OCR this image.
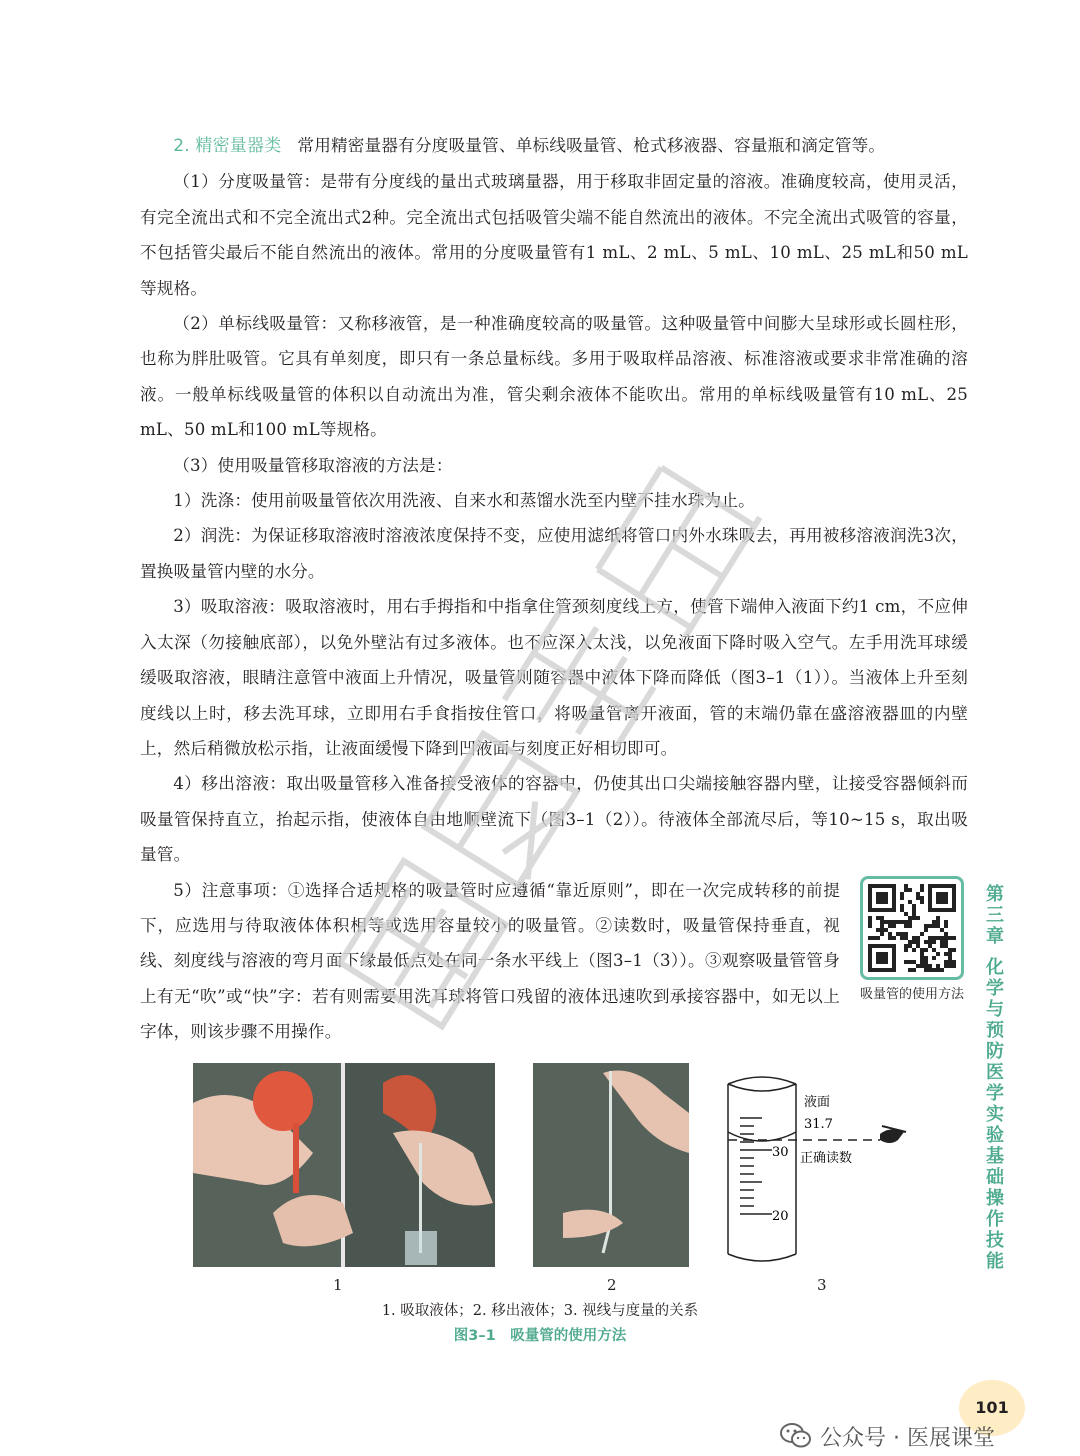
2. 精密量器类 常用精密量器有分度吸量管、单标线吸量管、枪式移液器、容量瓶和滴定管等。

（1）分度吸量管：是带有分度线的量出式玻璃量器，用于移取非固定量的溶液。准确度较高，使用灵活，有完全流出式和不完全流出式2种。完全流出式包括吸管尖端不能自然流出的液体。不完全流出式吸管的容量，不包括管尖最后不能自然流出的液体。常用的分度吸量管有1 mL、2 mL、5 mL、10 mL、25 mL和50 mL等规格。

（2）单标线吸量管：又称移液管，是一种准确度较高的吸量管。这种吸量管中间膨大呈球形或长圆柱形，也称为胖肚吸管。它具有单刻度，即只有一条总量标线。多用于吸取样品溶液、标准溶液或要求非常准确的溶液。一般单标线吸量管的体积以自动流出为准，管尖剩余液体不能吹出。常用的单标线吸量管有10 mL、25 mL、50 mL和100 mL等规格。

（3）使用吸量管移取溶液的方法是：

1）洗涤：使用前吸量管依次用洗液、自来水和蒸馏水洗至内壁不挂水珠为止。

2）润洗：为保证移取溶液时溶液浓度保持不变，应使用滤纸将管口内外水珠吸去，再用被移溶液润洗3次，置换吸量管内壁的水分。

3）吸取溶液：吸取溶液时，用右手拇指和中指拿住管颈刻度线上方，使管下端伸入液面下约1 cm，不应伸入太深（勿接触底部），以免外壁沾有过多液体。也不应深入太浅，以免液面下降时吸入空气。左手用洗耳球缓缓吸取溶液，眼睛注意管中液面上升情况，吸量管则随容器中液体下降而降低（图3–1（1））。当液体上升至刻度线以上时，移去洗耳球，立即用右手食指按住管口，将吸量管离开液面，管的末端仍靠在盛溶液器皿的内壁上，然后稍微放松示指，让液面缓慢下降到凹液面与刻度正好相切即可。

4）移出溶液：取出吸量管移入准备接受液体的容器中，仍使其出口尖端接触容器内壁，让接受容器倾斜而吸量管保持直立，抬起示指，使液体自由地顺壁流下（图3–1（2））。待液体全部流尽后，等10~15 s，取出吸量管。

5）注意事项：①选择合适规格的吸量管时应遵循“靠近原则”，即在一次完成转移的前提下，应选用与待取液体体积相等或选用容量较小的吸量管。②读数时，吸量管保持垂直，视线、刻度线与溶液的弯月面下缘最低点处在同一条水平线上（图3–1（3））。③观察吸量管管身上有无“吹”或“快”字：若有则需要用洗耳球将管口残留的液体迅速吹到承接容器中，如无以上字体，则该步骤不用操作。

吸量管的使用方法
第三章
化学与预防医学实验基础操作技能
液面
31.7
30 正确读数
20
1	2	3
1. 吸取液体；2. 移出液体；3. 视线与度量的关系
图3–1　吸量管的使用方法
101
公众号 · 医展课堂
